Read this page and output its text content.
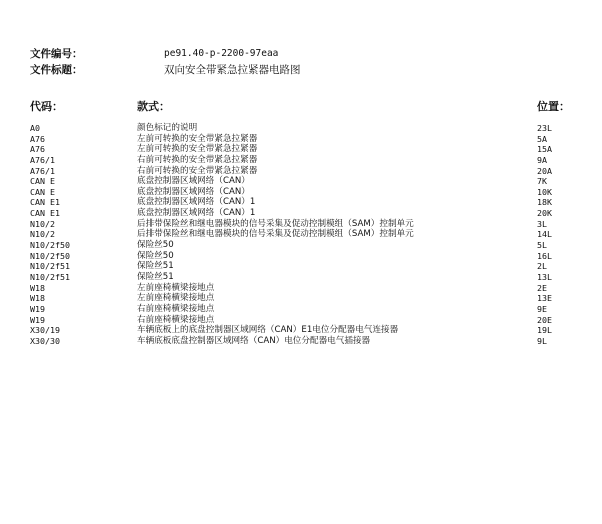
文件编号：	pe91.40-p-2200-97eaa
文件标题：	双向安全带紧急拉紧器电路图
代码：	款式：	位置：
A0	颜色标记的说明	23L
A76	左前可转换的安全带紧急拉紧器	5A
A76	左前可转换的安全带紧急拉紧器	15A
A76/1	右前可转换的安全带紧急拉紧器	9A
A76/1	右前可转换的安全带紧急拉紧器	20A
CAN E	底盘控制器区域网络（CAN）	7K
CAN E	底盘控制器区域网络（CAN）	10K
CAN E1	底盘控制器区域网络（CAN）1	18K
CAN E1	底盘控制器区域网络（CAN）1	20K
N10/2	后排带保险丝和继电器模块的信号采集及促动控制模组（SAM）控制单元	3L
N10/2	后排带保险丝和继电器模块的信号采集及促动控制模组（SAM）控制单元	14L
N10/2f50	保险丝50	5L
N10/2f50	保险丝50	16L
N10/2f51	保险丝51	2L
N10/2f51	保险丝51	13L
W18	左前座椅横梁接地点	2E
W18	左前座椅横梁接地点	13E
W19	右前座椅横梁接地点	9E
W19	右前座椅横梁接地点	20E
X30/19	车辆底板上的底盘控制器区域网络（CAN）E1电位分配器电气连接器	19L
X30/30	车辆底板底盘控制器区域网络（CAN）电位分配器电气插接器	9L
